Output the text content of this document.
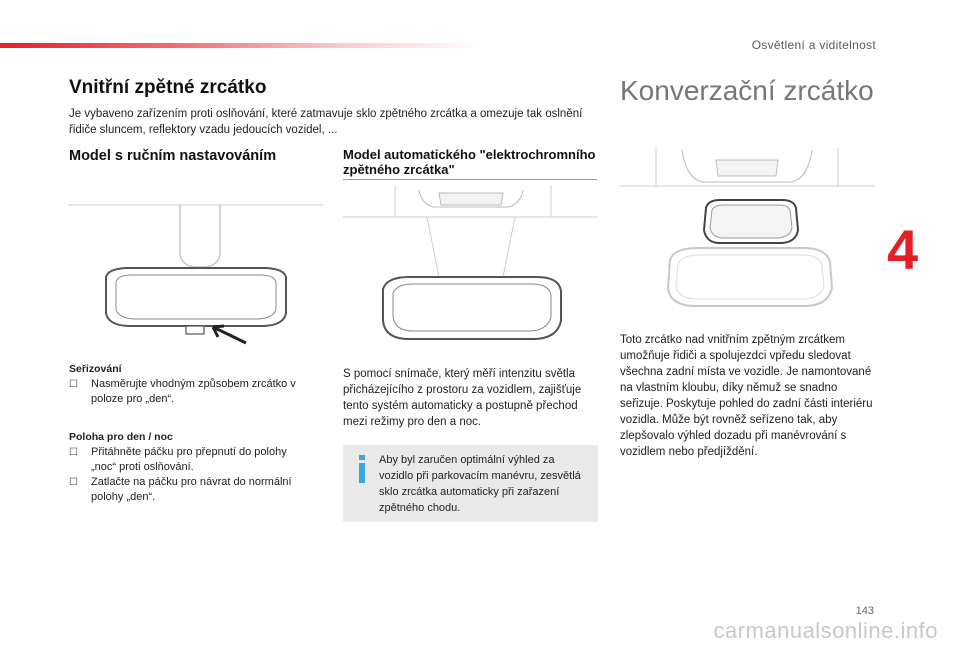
Osvětlení a viditelnost
4
Vnitřní zpětné zrcátko

Je vybaveno zařízením proti oslňování, které zatmavuje sklo zpětného zrcátka a omezuje tak oslnění řidiče sluncem, reflektory vzadu jedoucích vozidel, ...

Konverzační zrcátko
Model s ručním nastavováním

Seřizování

☐ Nasměrujte vhodným způsobem zrcátko v poloze pro „den“.

Poloha pro den / noc

☐ Přitáhněte páčku pro přepnutí do polohy „noc“ proti oslňování.

☐ Zatlačte na páčku pro návrat do normální polohy „den“.

Model automatického "elektrochromního zpětného zrcátka"

S pomocí snímače, který měří intenzitu světla přicházejícího z prostoru za vozidlem, zajišťuje tento systém automaticky a postupně přechod mezi režimy pro den a noc.

Aby byl zaručen optimální výhled za vozidlo při parkovacím manévru, zesvětlá sklo zrcátka automaticky při zařazení zpětného chodu.

Toto zrcátko nad vnitřním zpětným zrcátkem umožňuje řidiči a spolujezdci vpředu sledovat všechna zadní místa ve vozidle. Je namontované na vlastním kloubu, díky němuž se snadno seřizuje. Poskytuje pohled do zadní části interiéru vozidla. Může být rovněž seřízeno tak, aby zlepšovalo výhled dozadu při manévrování s vozidlem nebo předjíždění.

143
carmanualsonline.info
